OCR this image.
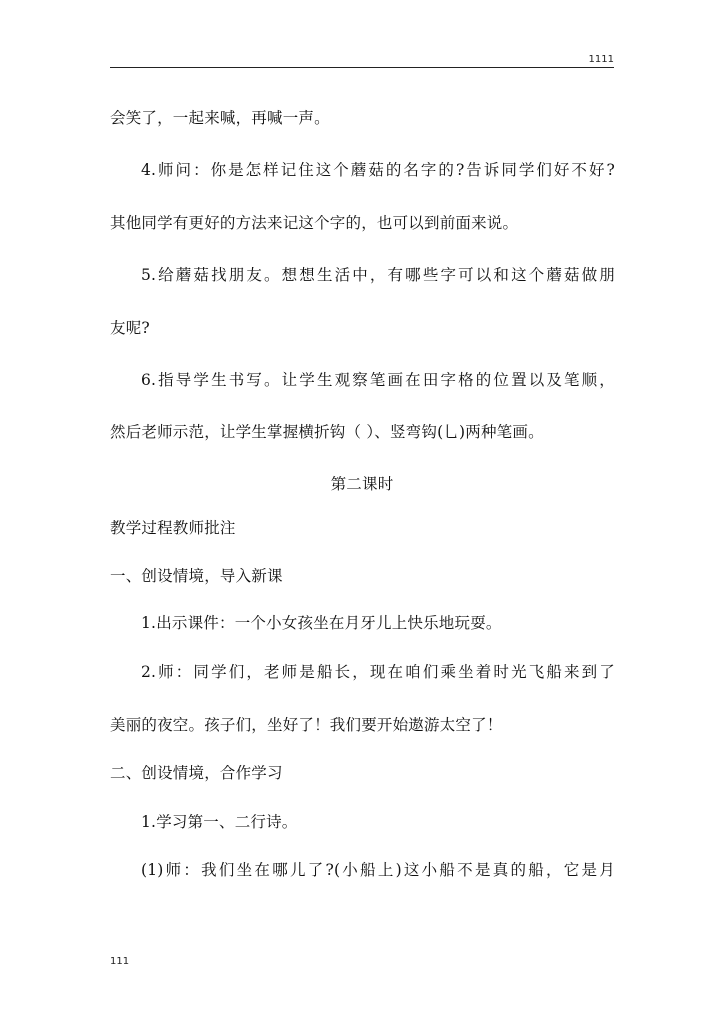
1111
会笑了，一起来喊，再喊一声。
4.师问：你是怎样记住这个蘑菇的名字的?告诉同学们好不好?
其他同学有更好的方法来记这个字的，也可以到前面来说。
5.给蘑菇找朋友。想想生活中，有哪些字可以和这个蘑菇做朋
友呢?
6.指导学生书写。让学生观察笔画在田字格的位置以及笔顺，
然后老师示范，让学生掌握横折钩（ ）、竖弯钩(乚)两种笔画。
第二课时
教学过程教师批注
一、创设情境，导入新课
1.出示课件：一个小女孩坐在月牙儿上快乐地玩耍。
2.师：同学们，老师是船长，现在咱们乘坐着时光飞船来到了
美丽的夜空。孩子们，坐好了！我们要开始遨游太空了！
二、创设情境，合作学习
1.学习第一、二行诗。
(1)师：我们坐在哪儿了?(小船上)这小船不是真的船，它是月
111
